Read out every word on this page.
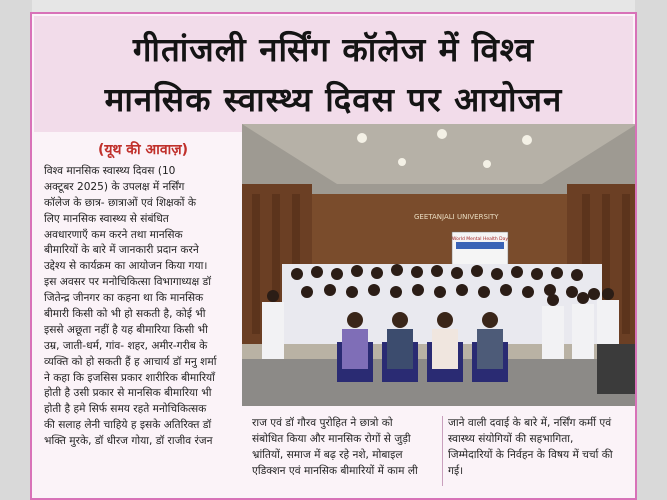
गीतांजली नर्सिंग कॉलेज में विश्व
मानसिक स्वास्थ्य दिवस पर आयोजन
(यूथ की आवाज़)
विश्व मानसिक स्वास्थ्य दिवस (10
अक्टूबर 2025) के उपलक्ष में नर्सिंग
कॉलेज के छात्र- छात्राओं एवं शिक्षकों के
लिए मानसिक स्वास्थ्य से संबंधित
अवधारणाएँ कम करने तथा मानसिक
बीमारियों के बारे में जानकारी प्रदान करने
उद्देश्य से कार्यक्रम का आयोजन किया गया।
इस अवसर पर मनोचिकित्सा विभागाध्यक्ष डॉ
जितेन्द्र जीनगर का कहना था कि मानसिक
बीमारी किसी को भी हो सकती है, कोई भी
इससे अछूता नहीं है यह बीमारिया किसी भी
उम्र, जाती-धर्म, गांव- शहर, अमीर-गरीब के
व्यक्ति को हो सकती हैं ह आचार्य डॉ मनु शर्मा
ने कहा कि इजसिस प्रकार शारीरिक बीमारियाँ
होती है उसी प्रकार से मानसिक बीमारिया भी
होती है हमे सिर्फ समय रहते मनोचिकित्सक
की सलाह लेनी चाहिये ह इसके अतिरिक्त डॉ
भक्ति मुरके, डॉ धीरज गोया, डॉ राजीव रंजन
GEETANJALI UNIVERSITY
World Mental Health Day
राज एवं डॉ गौरव पुरोहित ने छात्रो को
संबोधित किया और मानसिक रोगों से जुड़ी
भ्रांतियों, समाज में बढ़ रहे नशे, मोबाइल
एडिक्शन एवं मानसिक बीमारियों में काम ली
जाने वाली दवाई के बारे में, नर्सिंग कर्मी एवं
स्वास्थ्य संयोगियों की सहभागिता,
जिम्मेदारियों के निर्वहन के विषय में चर्चा की
गई।
